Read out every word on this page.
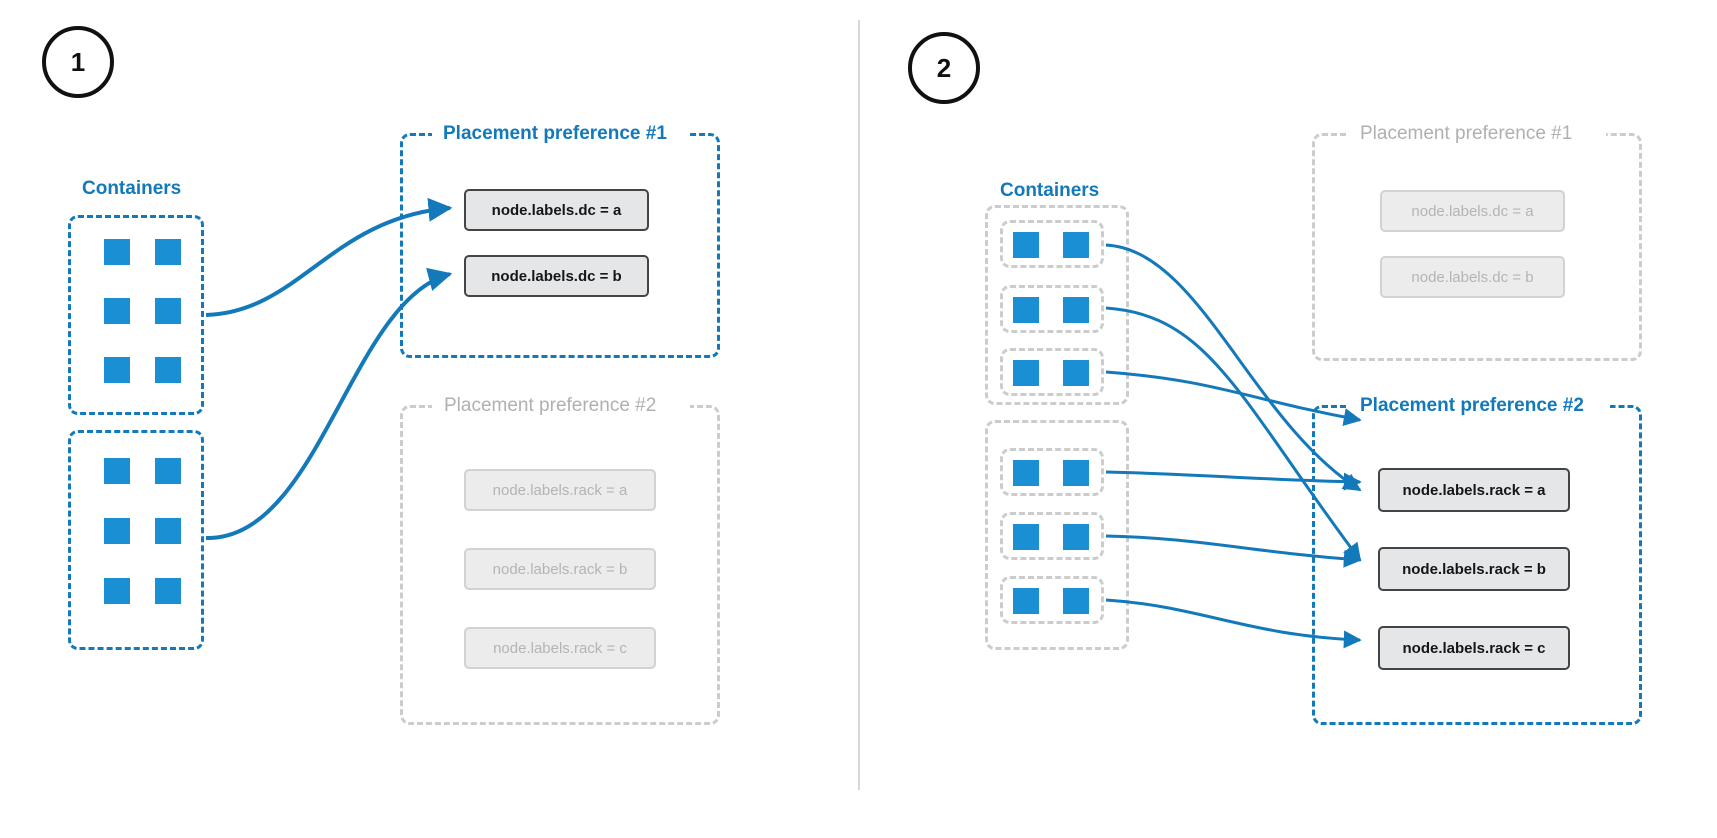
1
Containers
Placement preference #1
node.labels.dc = a
node.labels.dc = b
Placement preference #2
node.labels.rack = a
node.labels.rack = b
node.labels.rack = c
2
Containers
Placement preference #1
node.labels.dc = a
node.labels.dc = b
Placement preference #2
node.labels.rack = a
node.labels.rack = b
node.labels.rack = c
